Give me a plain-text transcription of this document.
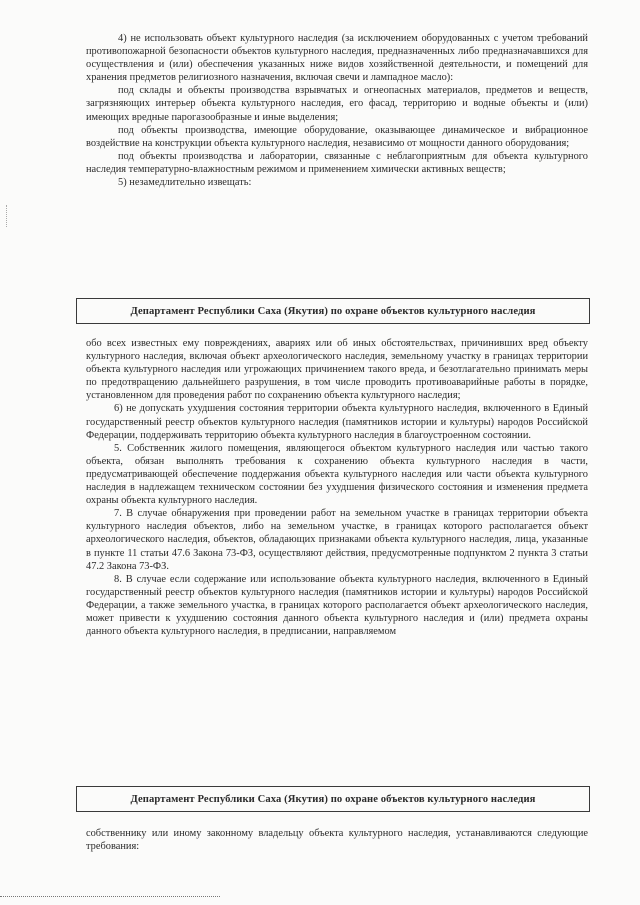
4) не использовать объект культурного наследия (за исключением оборудованных с учетом требований противопожарной безопасности объектов культурного наследия, предназначенных либо предназначавшихся для осуществления и (или) обеспечения указанных ниже видов хозяйственной деятельности, и помещений для хранения предметов религиозного назначения, включая свечи и лампадное масло):

под склады и объекты производства взрывчатых и огнеопасных материалов, предметов и веществ, загрязняющих интерьер объекта культурного наследия, его фасад, территорию и водные объекты и (или) имеющих вредные парогазообразные и иные выделения;

под объекты производства, имеющие оборудование, оказывающее динамическое и вибрационное воздействие на конструкции объекта культурного наследия, независимо от мощности данного оборудования;

под объекты производства и лаборатории, связанные с неблагоприятным для объекта культурного наследия температурно-влажностным режимом и применением химически активных веществ;

5) незамедлительно извещать:

Департамент Республики Саха (Якутия) по охране объектов культурного наследия

обо всех известных ему повреждениях, авариях или об иных обстоятельствах, причинивших вред объекту культурного наследия, включая объект археологического наследия, земельному участку в границах территории объекта культурного наследия или угрожающих причинением такого вреда, и безотлагательно принимать меры по предотвращению дальнейшего разрушения, в том числе проводить противоаварийные работы в порядке, установленном для проведения работ по сохранению объекта культурного наследия;

6) не допускать ухудшения состояния территории объекта культурного наследия, включенного в Единый государственный реестр объектов культурного наследия (памятников истории и культуры) народов Российской Федерации, поддерживать территорию объекта культурного наследия в благоустроенном состоянии.

5. Собственник жилого помещения, являющегося объектом культурного наследия или частью такого объекта, обязан выполнять требования к сохранению объекта культурного наследия в части, предусматривающей обеспечение поддержания объекта культурного наследия или части объекта культурного наследия в надлежащем техническом состоянии без ухудшения физического состояния и изменения предмета охраны объекта культурного наследия.

7. В случае обнаружения при проведении работ на земельном участке в границах территории объекта культурного наследия объектов, либо на земельном участке, в границах которого располагается объект археологического наследия, объектов, обладающих признаками объекта культурного наследия, лица, указанные в пункте 11 статьи 47.6 Закона 73-ФЗ, осуществляют действия, предусмотренные подпунктом 2 пункта 3 статьи 47.2 Закона 73-ФЗ.

8. В случае если содержание или использование объекта культурного наследия, включенного в Единый государственный реестр объектов культурного наследия (памятников истории и культуры) народов Российской Федерации, а также земельного участка, в границах которого располагается объект археологического наследия, может привести к ухудшению состояния данного объекта культурного наследия и (или) предмета охраны данного объекта культурного наследия, в предписании, направляемом

Департамент Республики Саха (Якутия) по охране объектов культурного наследия

собственнику или иному законному владельцу объекта культурного наследия, устанавливаются следующие требования:
